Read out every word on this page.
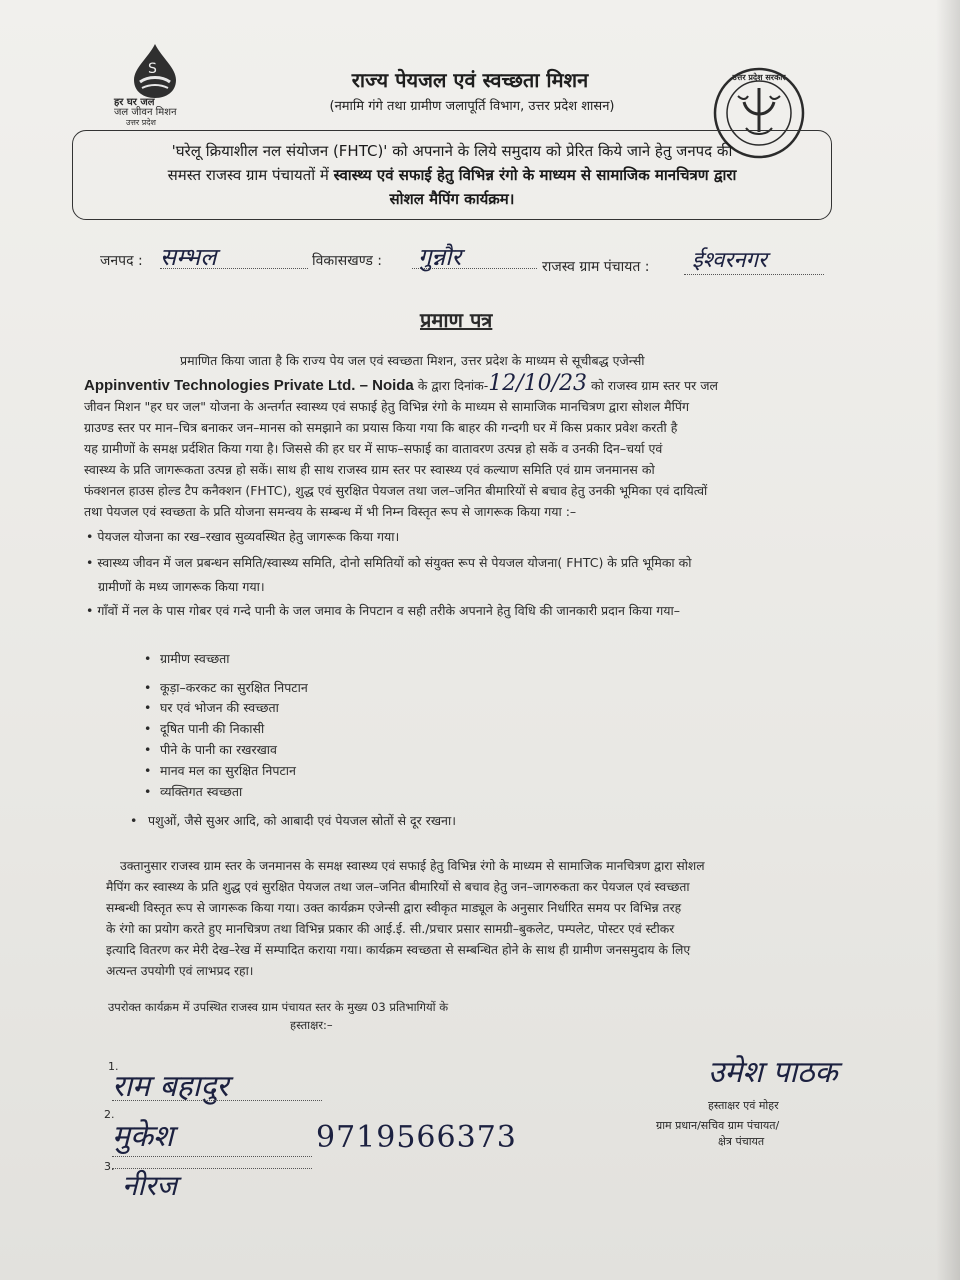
S
हर घर जल
जल जीवन मिशन
उत्तर प्रदेश
राज्य पेयजल एवं स्वच्छता मिशन
(नमामि गंगे तथा ग्रामीण जलापूर्ति विभाग, उत्तर प्रदेश शासन)
उत्तर प्रदेश सरकार
'घरेलू क्रियाशील नल संयोजन (FHTC)' को अपनाने के लिये समुदाय को प्रेरित किये जाने हेतु जनपद की
समस्त राजस्व ग्राम पंचायतों में स्वास्थ्य एवं सफाई हेतु विभिन्न रंगो के माध्यम से सामाजिक मानचित्रण द्वारा
सोशल मैपिंग कार्यक्रम।
जनपद : सम्भल	विकासखण्ड : गुन्नौर	राजस्व ग्राम पंचायत : ईश्वरनगर
प्रमाण पत्र
प्रमाणित किया जाता है कि राज्य पेय जल एवं स्वच्छता मिशन, उत्तर प्रदेश के माध्यम से सूचीबद्ध एजेन्सी
Appinventiv Technologies Private Ltd. – Noida के द्वारा दिनांक-12/10/23 को राजस्व ग्राम स्तर पर जल
जीवन मिशन "हर घर जल" योजना के अन्तर्गत स्वास्थ्य एवं सफाई हेतु विभिन्न रंगो के माध्यम से सामाजिक मानचित्रण द्वारा सोशल मैपिंग
ग्राउण्ड स्तर पर मान–चित्र बनाकर जन–मानस को समझाने का प्रयास किया गया कि बाहर की गन्दगी घर में किस प्रकार प्रवेश करती है
यह ग्रामीणों के समक्ष प्रर्दशित किया गया है। जिससे की हर घर में साफ–सफाई का वातावरण उत्पन्न हो सकें व उनकी दिन–चर्या एवं
स्वास्थ्य के प्रति जागरूकता उत्पन्न हो सकें। साथ ही साथ राजस्व ग्राम स्तर पर स्वास्थ्य एवं कल्याण समिति एवं ग्राम जनमानस को
फंक्शनल हाउस होल्ड टैप कनैक्शन (FHTC), शुद्ध एवं सुरक्षित पेयजल तथा जल–जनित बीमारियों से बचाव हेतु उनकी भूमिका एवं दायित्वों
तथा पेयजल एवं स्वच्छता के प्रति योजना समन्वय के सम्बन्ध में भी निम्न विस्तृत रूप से जागरूक किया गया :–
• पेयजल योजना का रख–रखाव सुव्यवस्थित हेतु जागरूक किया गया।
• स्वास्थ्य जीवन में जल प्रबन्धन समिति/स्वास्थ्य समिति, दोनो समितियों को संयुक्त रूप से पेयजल योजना( FHTC) के प्रति भूमिका को
ग्रामीणों के मध्य जागरूक किया गया।
• गाँवों में नल के पास गोबर एवं गन्दे पानी के जल जमाव के निपटान व सही तरीके अपनाने हेतु विधि की जानकारी प्रदान किया गया–
• ग्रामीण स्वच्छता
• कूड़ा–करकट का सुरक्षित निपटान
• घर एवं भोजन की स्वच्छता
• दूषित पानी की निकासी
• पीने के पानी का रखरखाव
• मानव मल का सुरक्षित निपटान
• व्यक्तिगत स्वच्छता
• पशुओं, जैसे सुअर आदि, को आबादी एवं पेयजल स्रोतों से दूर रखना।
उक्तानुसार राजस्व ग्राम स्तर के जनमानस के समक्ष स्वास्थ्य एवं सफाई हेतु विभिन्न रंगो के माध्यम से सामाजिक मानचित्रण द्वारा सोशल
मैपिंग कर स्वास्थ्य के प्रति शुद्ध एवं सुरक्षित पेयजल तथा जल–जनित बीमारियों से बचाव हेतु जन–जागरुकता कर पेयजल एवं स्वच्छता
सम्बन्धी विस्तृत रूप से जागरूक किया गया। उक्त कार्यक्रम एजेन्सी द्वारा स्वीकृत माड्यूल के अनुसार निर्धारित समय पर विभिन्न तरह
के रंगो का प्रयोग करते हुए मानचित्रण तथा विभिन्न प्रकार की आई.ई. सी./प्रचार प्रसार सामग्री–बुकलेट, पम्पलेट, पोस्टर एवं स्टीकर
इत्यादि वितरण कर मेरी देख–रेख में सम्पादित कराया गया। कार्यक्रम स्वच्छता से सम्बन्धित होने के साथ ही ग्रामीण जनसमुदाय के लिए
अत्यन्त उपयोगी एवं लाभप्रद रहा।
उपरोक्त कार्यक्रम में उपस्थित राजस्व ग्राम पंचायत स्तर के मुख्य 03 प्रतिभागियों के
हस्ताक्षर:–
1.
राम बहादुर
2.
मुकेश	9719566373
3.
नीरज
उमेश पाठक
हस्ताक्षर एवं मोहर
ग्राम प्रधान/सचिव ग्राम पंचायत/
क्षेत्र पंचायत
